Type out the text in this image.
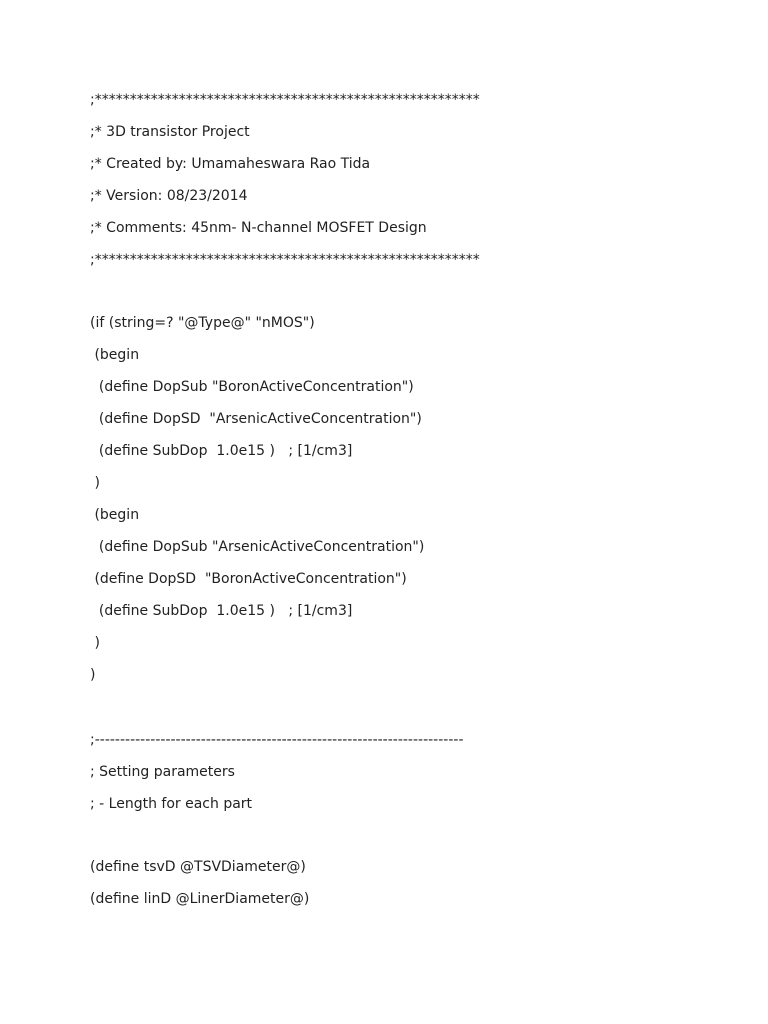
;*******************************************************
;* 3D transistor Project
;* Created by: Umamaheswara Rao Tida
;* Version: 08/23/2014
;* Comments: 45nm- N-channel MOSFET Design
;*******************************************************
(if (string=? "@Type@" "nMOS")
(begin
(define DopSub "BoronActiveConcentration")
(define DopSD  "ArsenicActiveConcentration")
(define SubDop  1.0e15 )   ; [1/cm3]
)
(begin
(define DopSub "ArsenicActiveConcentration")
(define DopSD  "BoronActiveConcentration")
(define SubDop  1.0e15 )   ; [1/cm3]
)
)
;-------------------------------------------------------------------------
; Setting parameters
; - Length for each part
(define tsvD @TSVDiameter@)
(define linD @LinerDiameter@)
